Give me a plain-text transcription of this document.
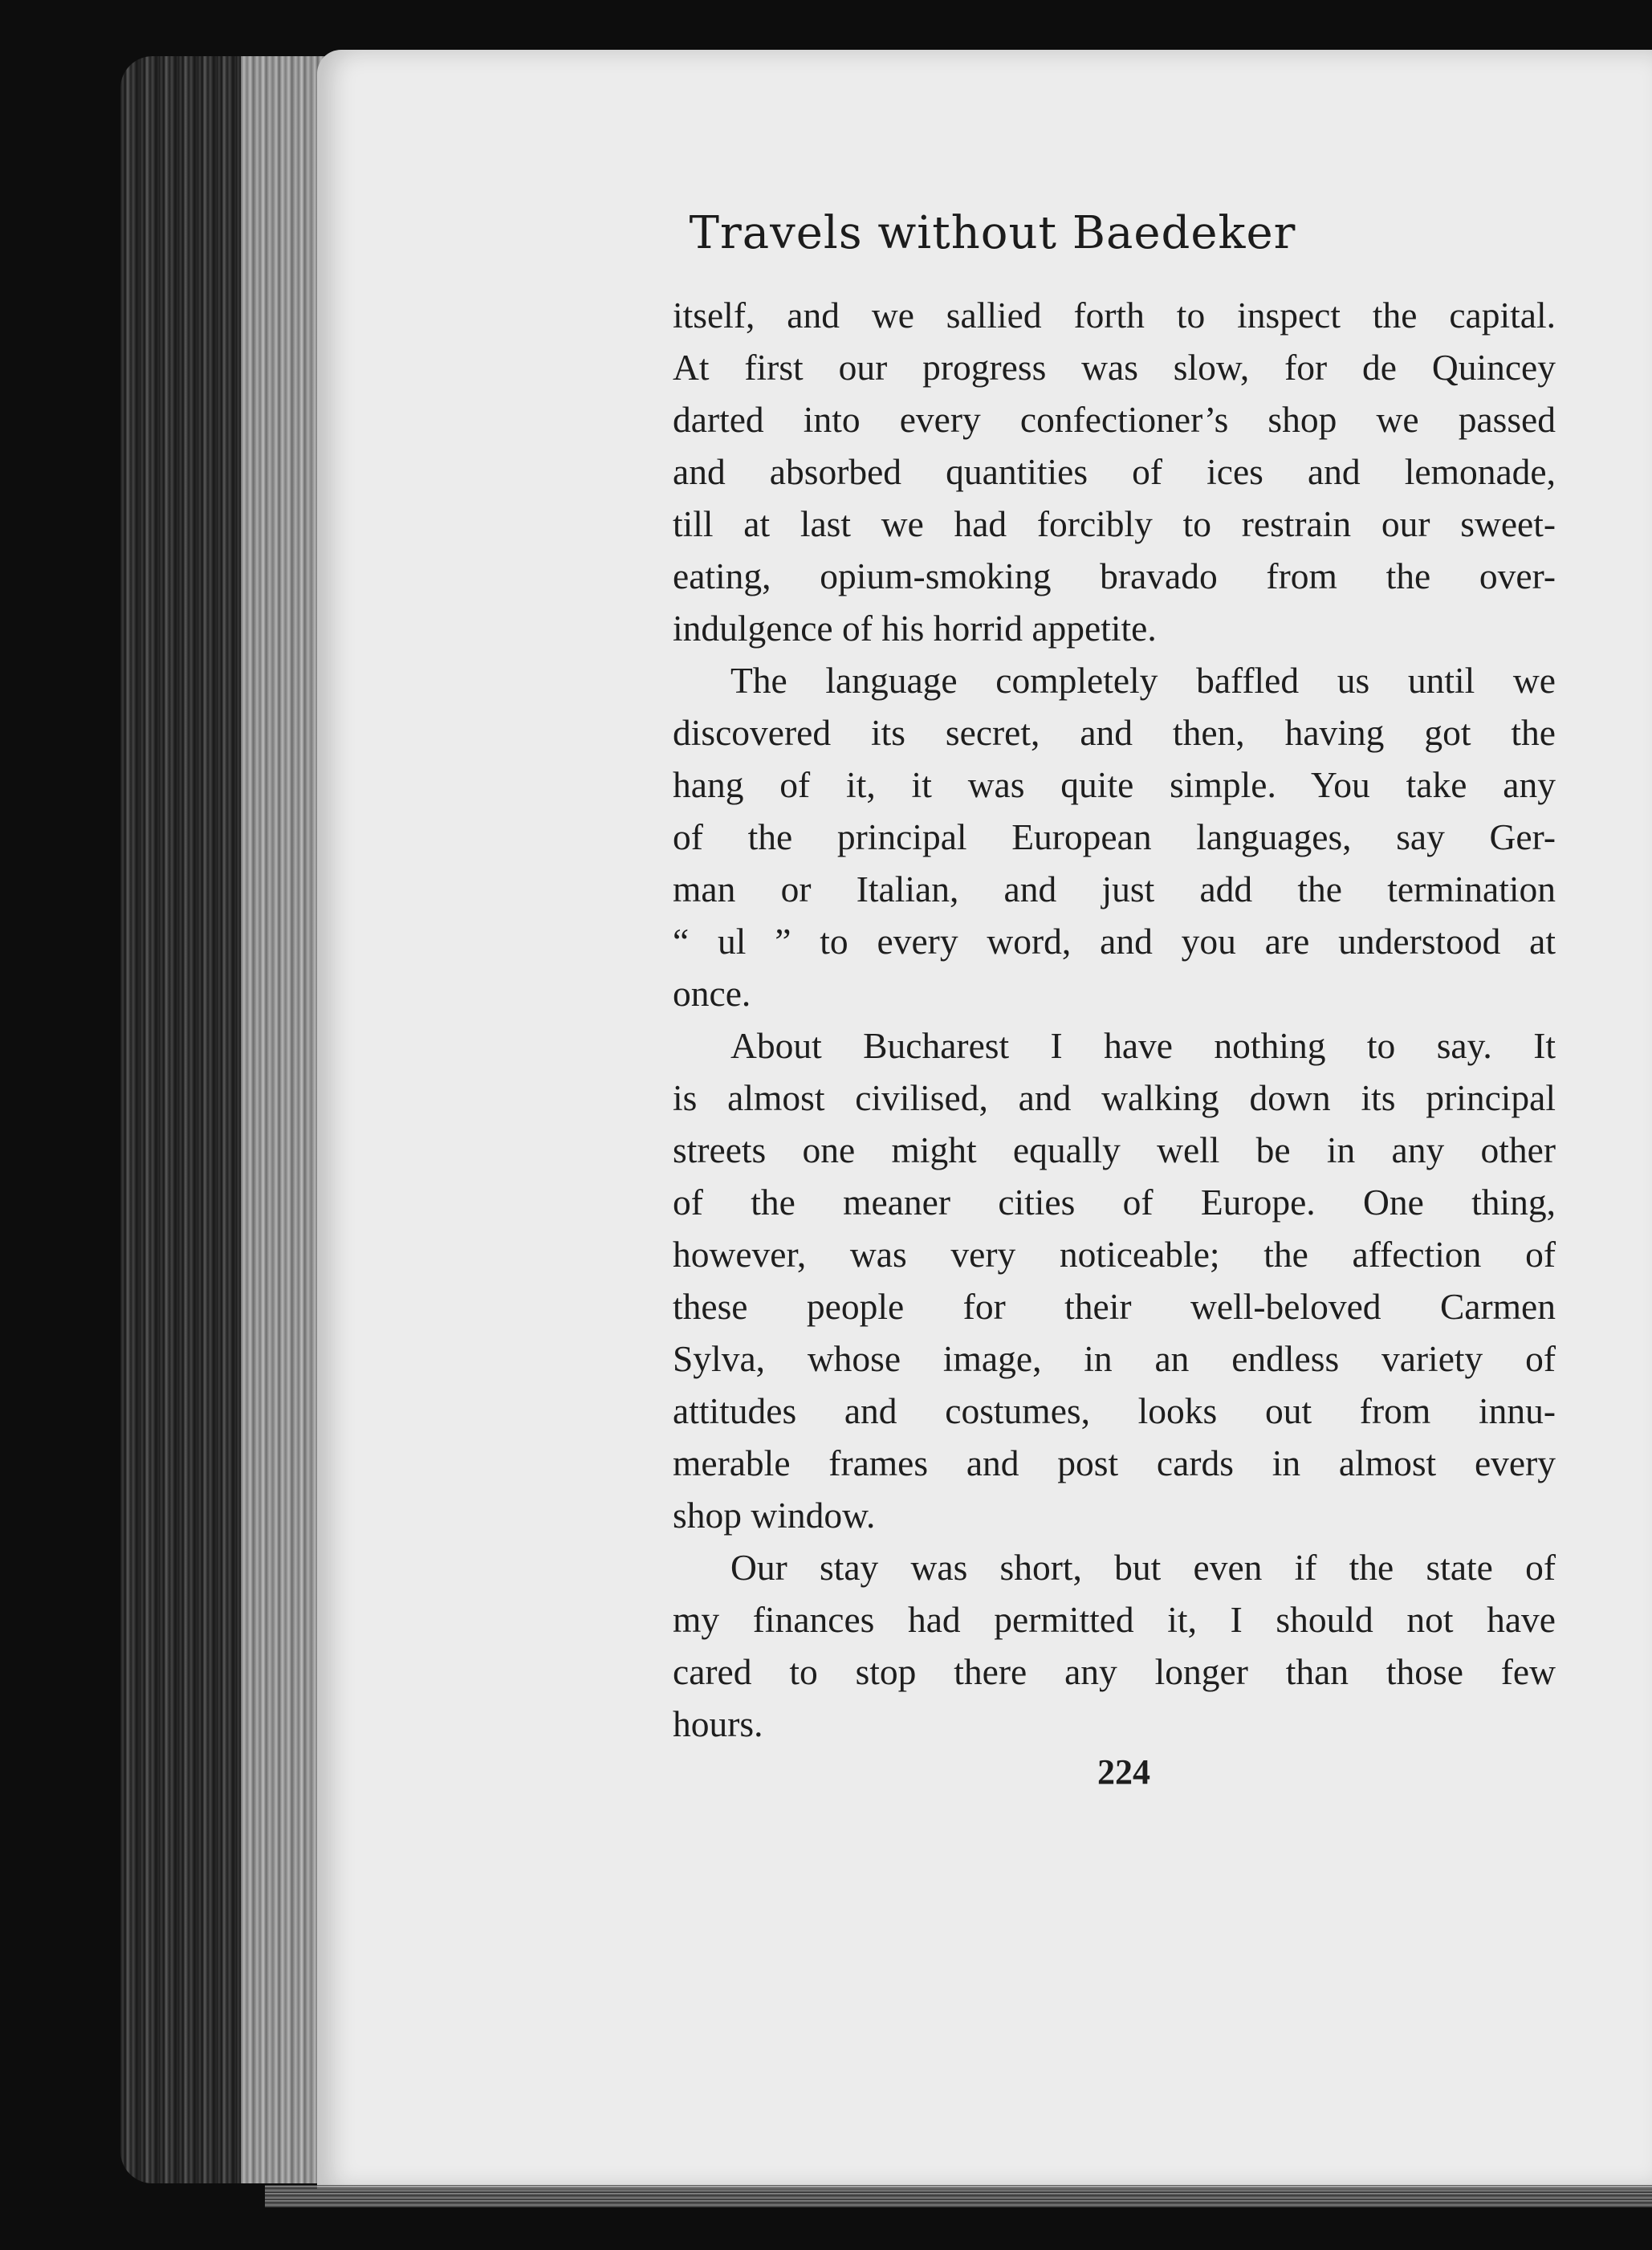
Travels without Baedeker
itself, and we sallied forth to inspect the capital.
At first our progress was slow, for de Quincey
darted into every confectioner’s shop we passed
and absorbed quantities of ices and lemonade,
till at last we had forcibly to restrain our sweet-
eating, opium-smoking bravado from the over-
indulgence of his horrid appetite.
The language completely baffled us until we
discovered its secret, and then, having got the
hang of it, it was quite simple. You take any
of the principal European languages, say Ger-
man or Italian, and just add the termination
“ ul ” to every word, and you are understood at
once.
About Bucharest I have nothing to say. It
is almost civilised, and walking down its principal
streets one might equally well be in any other
of the meaner cities of Europe. One thing,
however, was very noticeable; the affection of
these people for their well-beloved Carmen
Sylva, whose image, in an endless variety of
attitudes and costumes, looks out from innu-
merable frames and post cards in almost every
shop window.
Our stay was short, but even if the state of
my finances had permitted it, I should not have
cared to stop there any longer than those few
hours.
224
